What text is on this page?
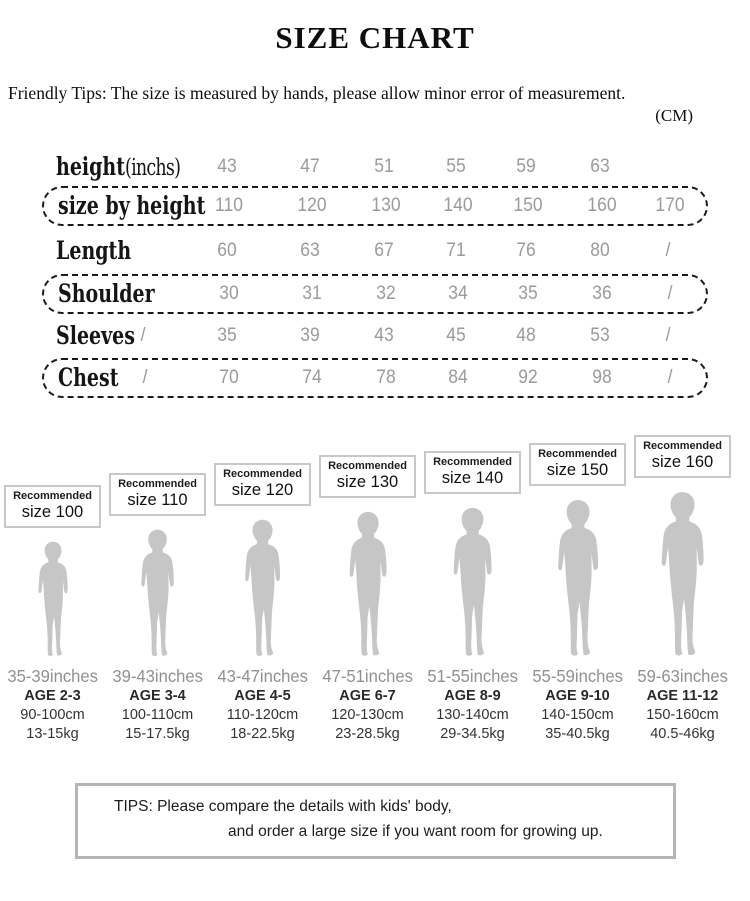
SIZE CHART
Friendly Tips: The size is measured by hands, please allow minor error of measurement.
(CM)
height(inchs)	43	47	51	55	59	63
size by height 110	120	130	140	150	160	170
Length	60	63	67	71	76	80	/
Shoulder	30	31	32	34	35	36	/
Sleeves /	35	39	43	45	48	53	/
Chest	/	70	74	78	84	92	98	/
Recommended
size 100
35-39inches
AGE 2-3
90-100cm
13-15kg
Recommended
size 110
39-43inches
AGE 3-4
100-110cm
15-17.5kg
Recommended
size 120
43-47inches
AGE 4-5
110-120cm
18-22.5kg
Recommended
size 130
47-51inches
AGE 6-7
120-130cm
23-28.5kg
Recommended
size 140
51-55inches
AGE 8-9
130-140cm
29-34.5kg
Recommended
size 150
55-59inches
AGE 9-10
140-150cm
35-40.5kg
Recommended
size 160
59-63inches
AGE 11-12
150-160cm
40.5-46kg
TIPS: Please compare the details with kids' body,
and order a large size if you want room for growing up.
